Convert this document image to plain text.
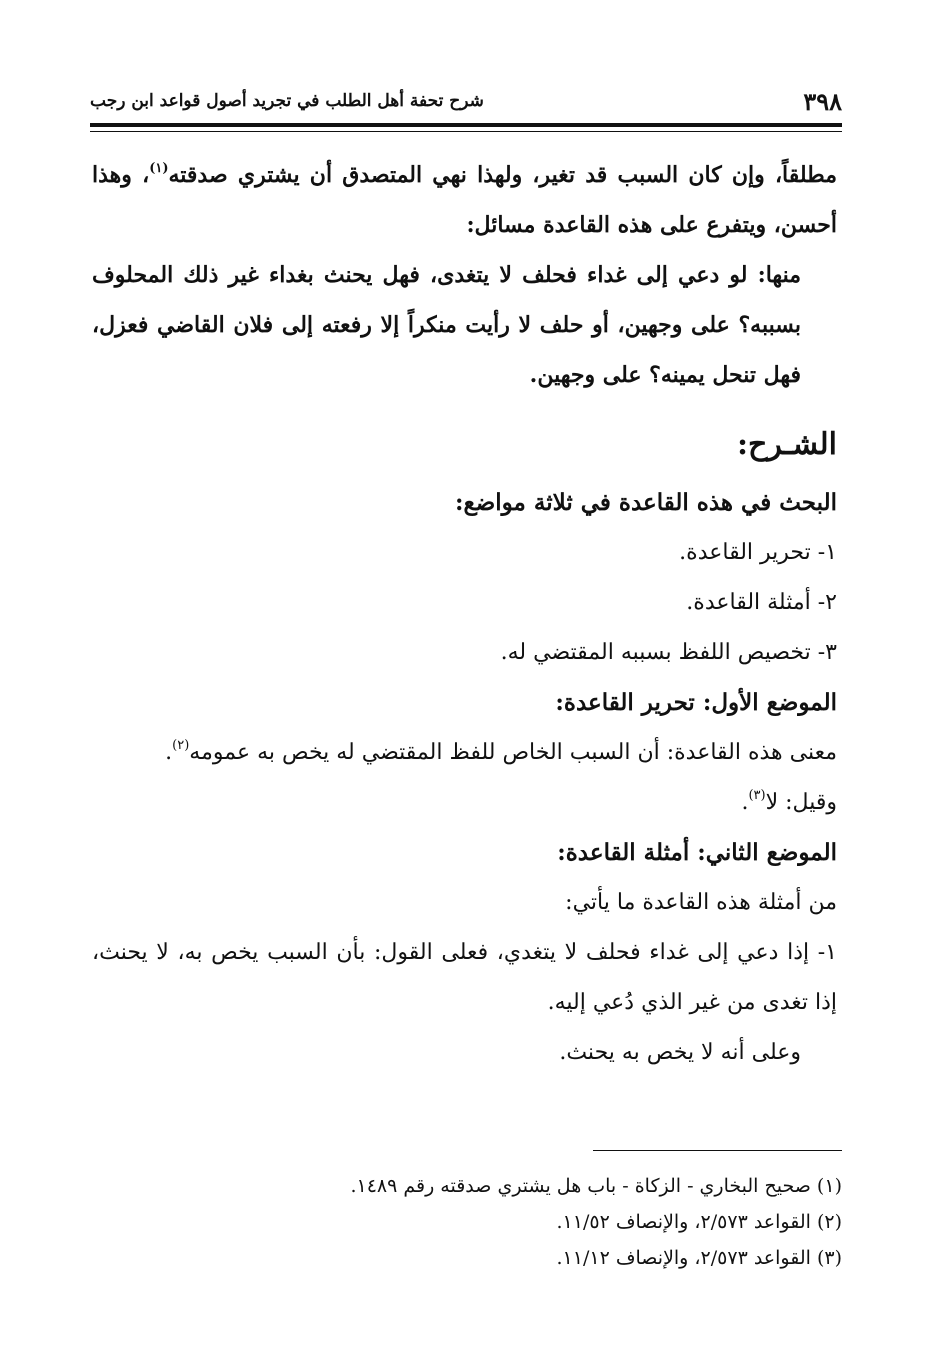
٣٩٨
شرح تحفة أهل الطلب في تجريد أصول قواعد ابن رجب

مطلقاً، وإن كان السبب قد تغير، ولهذا نهي المتصدق أن يشتري صدقته$^{(١)}$، وهذا أحسن، ويتفرع على هذه القاعدة مسائل:

منها: لو دعي إلى غداء فحلف لا يتغدى، فهل يحنث بغداء غير ذلك المحلوف بسببه؟ على وجهين، أو حلف لا رأيت منكراً إلا رفعته إلى فلان القاضي فعزل، فهل تنحل يمينه؟ على وجهين.

الشـرح:
البحث في هذه القاعدة في ثلاثة مواضع:
١- تحرير القاعدة.
٢- أمثلة القاعدة.
٣- تخصيص اللفظ بسببه المقتضي له.
الموضع الأول: تحرير القاعدة:

معنى هذه القاعدة: أن السبب الخاص للفظ المقتضي له يخص به عمومه$^{(٢)}$.

وقيل: لا$^{(٣)}$.

الموضع الثاني: أمثلة القاعدة:

من أمثلة هذه القاعدة ما يأتي:

١- إذا دعي إلى غداء فحلف لا يتغدي، فعلى القول: بأن السبب يخص به، لا يحنث، إذا تغدى من غير الذي دُعي إليه.

وعلى أنه لا يخص به يحنث.

(١) صحيح البخاري - الزكاة - باب هل يشتري صدقته رقم ١٤٨٩.

(٢) القواعد ٢/٥٧٣، والإنصاف ١١/٥٢.

(٣) القواعد ٢/٥٧٣، والإنصاف ١١/١٢.
